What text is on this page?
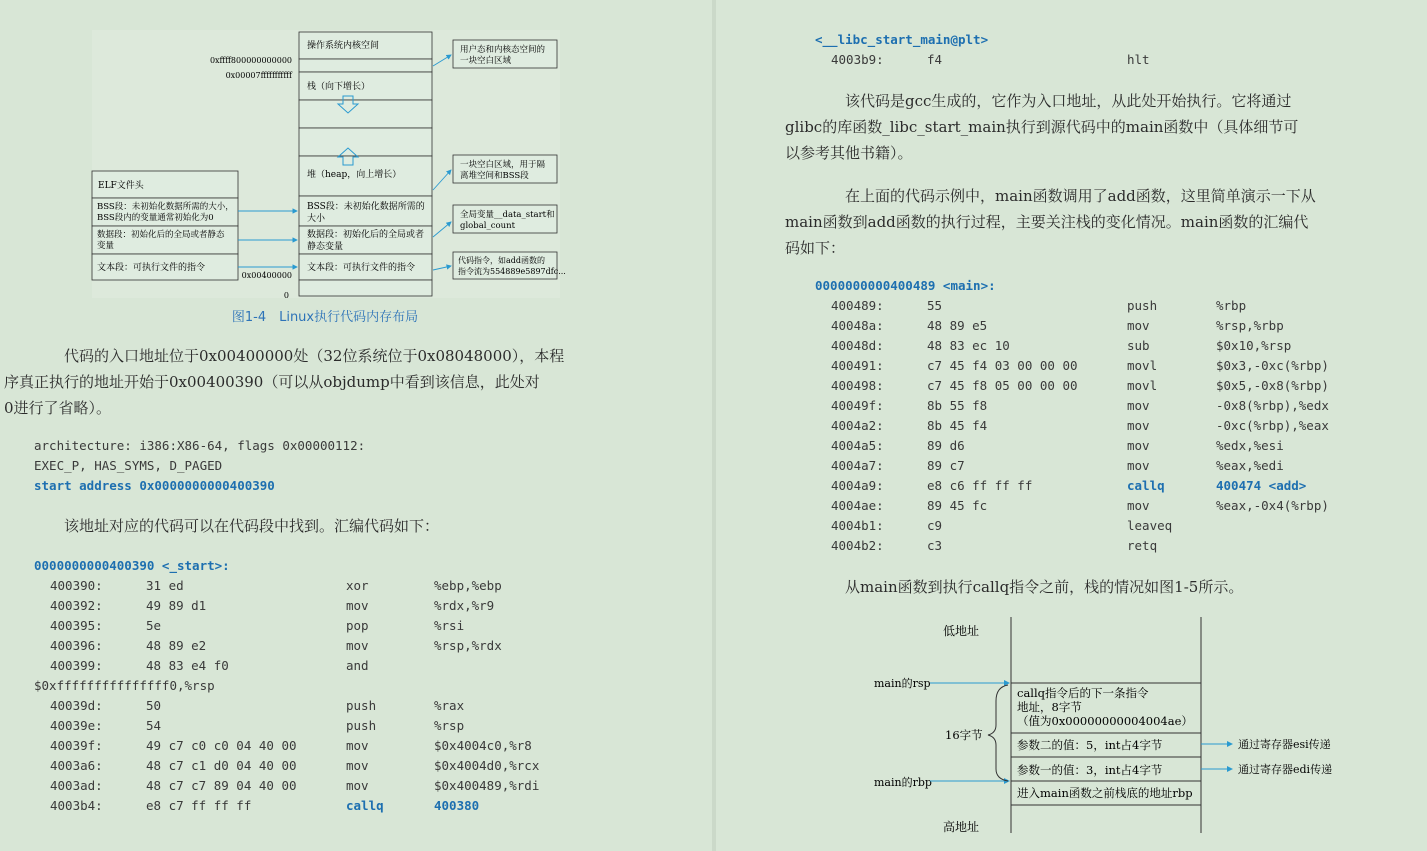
0xffff800000000000
0x00007fffffffffff
0x00400000
0
操作系统内核空间
栈（向下增长）
堆（heap，向上增长）
BSS段：未初始化数据所需的
大小
数据段：初始化后的全局或者
静态变量
文本段：可执行文件的指令
ELF文件头
BSS段：未初始化数据所需的大小，
BSS段内的变量通常初始化为0
数据段：初始化后的全局或者静态
变量
文本段：可执行文件的指令
用户态和内核态空间的
一块空白区域
一块空白区域，用于隔
离堆空间和BSS段
全局变量__data_start和
global_count
代码指令，如add函数的
指令流为554889e5897dfc...
图1-4　Linux执行代码内存布局
代码的入口地址位于0x00400000处（32位系统位于0x08048000），本程
序真正执行的地址开始于0x00400390（可以从objdump中看到该信息，此处对
0进行了省略）。
architecture: i386:X86-64, flags 0x00000112:
EXEC_P, HAS_SYMS, D_PAGED
start address 0x0000000000400390
该地址对应的代码可以在代码段中找到。汇编代码如下：
0000000000400390 <_start>:
400390:	31 ed	xor	%ebp,%ebp
400392:	49 89 d1	mov	%rdx,%r9
400395:	5e	pop	%rsi
400396:	48 89 e2	mov	%rsp,%rdx
400399:	48 83 e4 f0	and
$0xfffffffffffffff0,%rsp
40039d:	50	push	%rax
40039e:	54	push	%rsp
40039f:	49 c7 c0 c0 04 40 00	mov	$0x4004c0,%r8
4003a6:	48 c7 c1 d0 04 40 00	mov	$0x4004d0,%rcx
4003ad:	48 c7 c7 89 04 40 00	mov	$0x400489,%rdi
4003b4:	e8 c7 ff ff ff	callq	400380
<__libc_start_main@plt>
4003b9:	f4	hlt
该代码是gcc生成的，它作为入口地址，从此处开始执行。它将通过
glibc的库函数_libc_start_main执行到源代码中的main函数中（具体细节可
以参考其他书籍）。
在上面的代码示例中，main函数调用了add函数，这里简单演示一下从
main函数到add函数的执行过程，主要关注栈的变化情况。main函数的汇编代
码如下：
0000000000400489 <main>:
400489:	55	push	%rbp
40048a:	48 89 e5	mov	%rsp,%rbp
40048d:	48 83 ec 10	sub	$0x10,%rsp
400491:	c7 45 f4 03 00 00 00	movl	$0x3,-0xc(%rbp)
400498:	c7 45 f8 05 00 00 00	movl	$0x5,-0x8(%rbp)
40049f:	8b 55 f8	mov	-0x8(%rbp),%edx
4004a2:	8b 45 f4	mov	-0xc(%rbp),%eax
4004a5:	89 d6	mov	%edx,%esi
4004a7:	89 c7	mov	%eax,%edi
4004a9:	e8 c6 ff ff ff	callq	400474 <add>
4004ae:	89 45 fc	mov	%eax,-0x4(%rbp)
4004b1:	c9	leaveq
4004b2:	c3	retq
从main函数到执行callq指令之前，栈的情况如图1-5所示。
低地址
高地址
callq指令后的下一条指令
地址，8字节
（值为0x00000000004004ae）
参数二的值：5，int占4字节
参数一的值：3，int占4字节
进入main函数之前栈底的地址rbp
main的rsp
main的rbp
16字节
通过寄存器esi传递
通过寄存器edi传递
